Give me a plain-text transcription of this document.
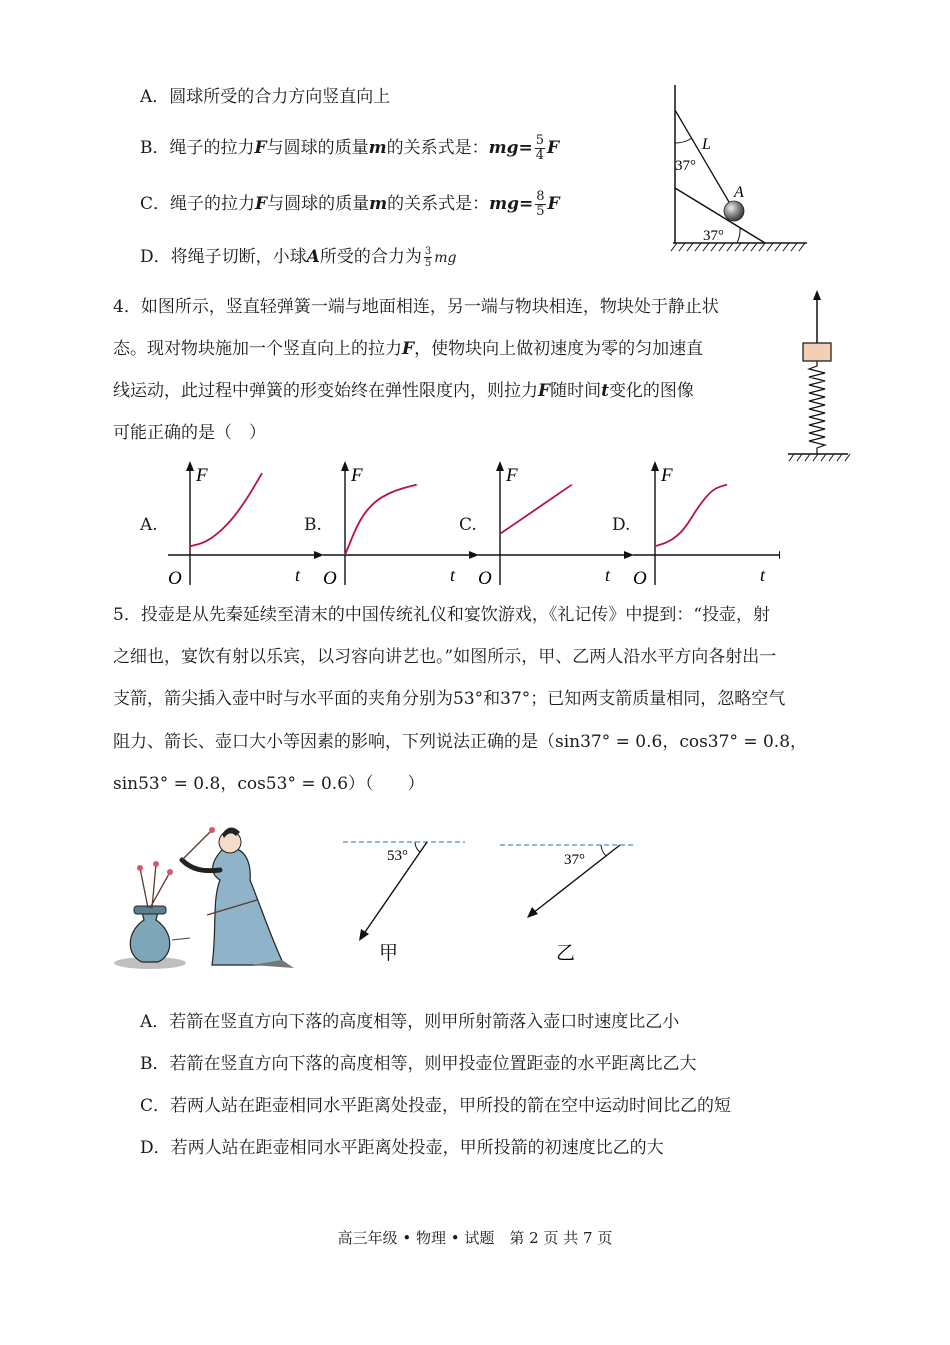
A．圆球所受的合力方向竖直向上
B．绳子的拉力F与圆球的质量m的关系式是：$mg= \frac{5}{4}$ F
C．绳子的拉力F与圆球的质量m的关系式是：$mg= \frac{8}{5}$ F
D．将绳子切断，小球A所受的合力为 $\frac{3}{5}$ mg
37°
L
A
37°
4．如图所示，竖直轻弹簧一端与地面相连，另一端与物块相连，物块处于静止状
态。现对物块施加一个竖直向上的拉力F，使物块向上做初速度为零的匀加速直
线运动，此过程中弹簧的形变始终在弹性限度内，则拉力F随时间t变化的图像
可能正确的是（　）
A.	B.	C.	D.
F
t
O
F
t
O
F
t
O
F
t
O
5．投壶是从先秦延续至清末的中国传统礼仪和宴饮游戏，《礼记传》中提到：“投壶，射
之细也，宴饮有射以乐宾，以习容向讲艺也。”如图所示，甲、乙两人沿水平方向各射出一
支箭，箭尖插入壶中时与水平面的夹角分别为53°和37°；已知两支箭质量相同，忽略空气
阻力、箭长、壶口大小等因素的影响，下列说法正确的是（sin37° = 0.6，cos37° = 0.8，
sin53° = 0.8，cos53° = 0.6）（　　）
53°
甲
37°
乙
A．若箭在竖直方向下落的高度相等，则甲所射箭落入壶口时速度比乙小
B．若箭在竖直方向下落的高度相等，则甲投壶位置距壶的水平距离比乙大
C．若两人站在距壶相同水平距离处投壶，甲所投的箭在空中运动时间比乙的短
D．若两人站在距壶相同水平距离处投壶，甲所投箭的初速度比乙的大
高三年级 • 物理 • 试题　第 2 页 共 7 页
